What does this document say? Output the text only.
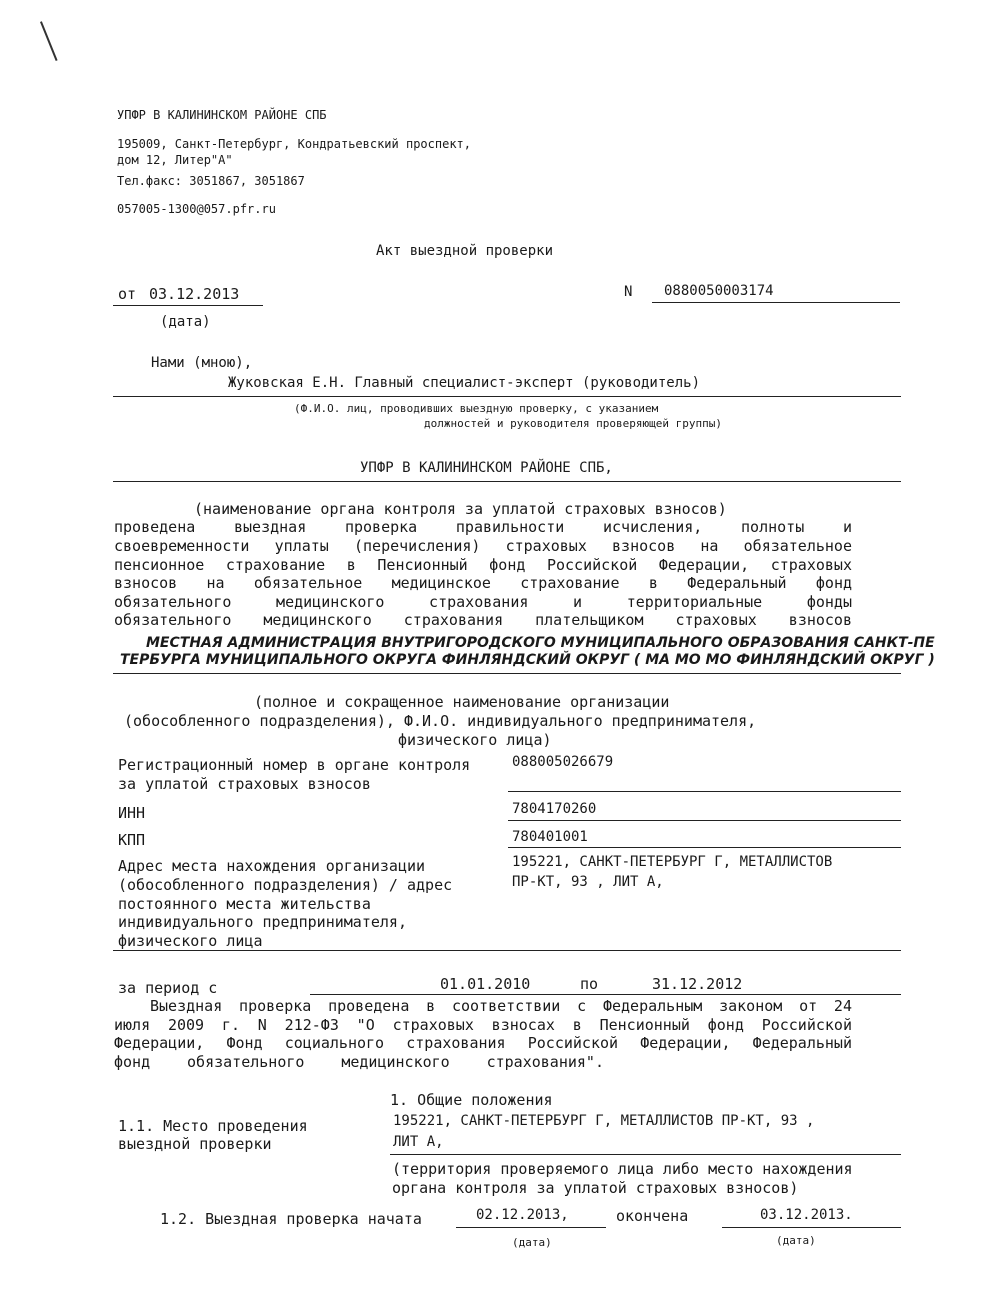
УПФР В КАЛИНИНСКОМ РАЙОНЕ СПБ
195009, Санкт-Петербург, Кондратьевский проспект,
дом 12, Литер"А"
Тел.факс: 3051867, 3051867
057005-1300@057.pfr.ru
Акт выездной проверки
от 03.12.2013
(дата)
N 0880050003174
Нами (мною),
Жуковская Е.Н. Главный специалист-эксперт (руководитель)
(Ф.И.О. лиц, проводивших выездную проверку, с указанием
должностей и руководителя проверяющей группы)
УПФР В КАЛИНИНСКОМ РАЙОНЕ СПБ,
(наименование органа контроля за уплатой страховых взносов)
проведена выездная проверка правильности исчисления, полноты и
своевременности уплаты (перечисления) страховых взносов на обязательное
пенсионное страхование в Пенсионный фонд Российской Федерации, страховых
взносов на обязательное медицинское страхование в Федеральный фонд
обязательного медицинского страхования и территориальные фонды
обязательного медицинского страхования плательщиком страховых взносов
МЕСТНАЯ АДМИНИСТРАЦИЯ ВНУТРИГОРОДСКОГО МУНИЦИПАЛЬНОГО ОБРАЗОВАНИЯ САНКТ-ПЕ
ТЕРБУРГА МУНИЦИПАЛЬНОГО ОКРУГА ФИНЛЯНДСКИЙ ОКРУГ ( МА МО МО ФИНЛЯНДСКИЙ ОКРУГ )
(полное и сокращенное наименование организации
(обособленного подразделения), Ф.И.О. индивидуального предпринимателя,
физического лица)
Регистрационный номер в органе контроля
за уплатой страховых взносов
088005026679
ИНН	7804170260
КПП	780401001
Адрес места нахождения организации
(обособленного подразделения) / адрес
постоянного места жительства
индивидуального предпринимателя,
физического лица
195221, САНКТ-ПЕТЕРБУРГ Г, МЕТАЛЛИСТОВ
ПР-КТ, 93 , ЛИТ А,
за период с	01.01.2010	по	31.12.2012
Выездная проверка проведена в соответствии с Федеральным законом от 24
июля 2009 г. N 212-ФЗ "О страховых взносах в Пенсионный фонд Российской
Федерации, Фонд социального страхования Российской Федерации, Федеральный
фонд обязательного медицинского страхования".
1. Общие положения
1.1. Место проведения
выездной проверки
195221, САНКТ-ПЕТЕРБУРГ Г, МЕТАЛЛИСТОВ ПР-КТ, 93 ,
ЛИТ А,
(территория проверяемого лица либо место нахождения
органа контроля за уплатой страховых взносов)
1.2. Выездная проверка начата	02.12.2013,	окончена	03.12.2013.
(дата)	(дата)
